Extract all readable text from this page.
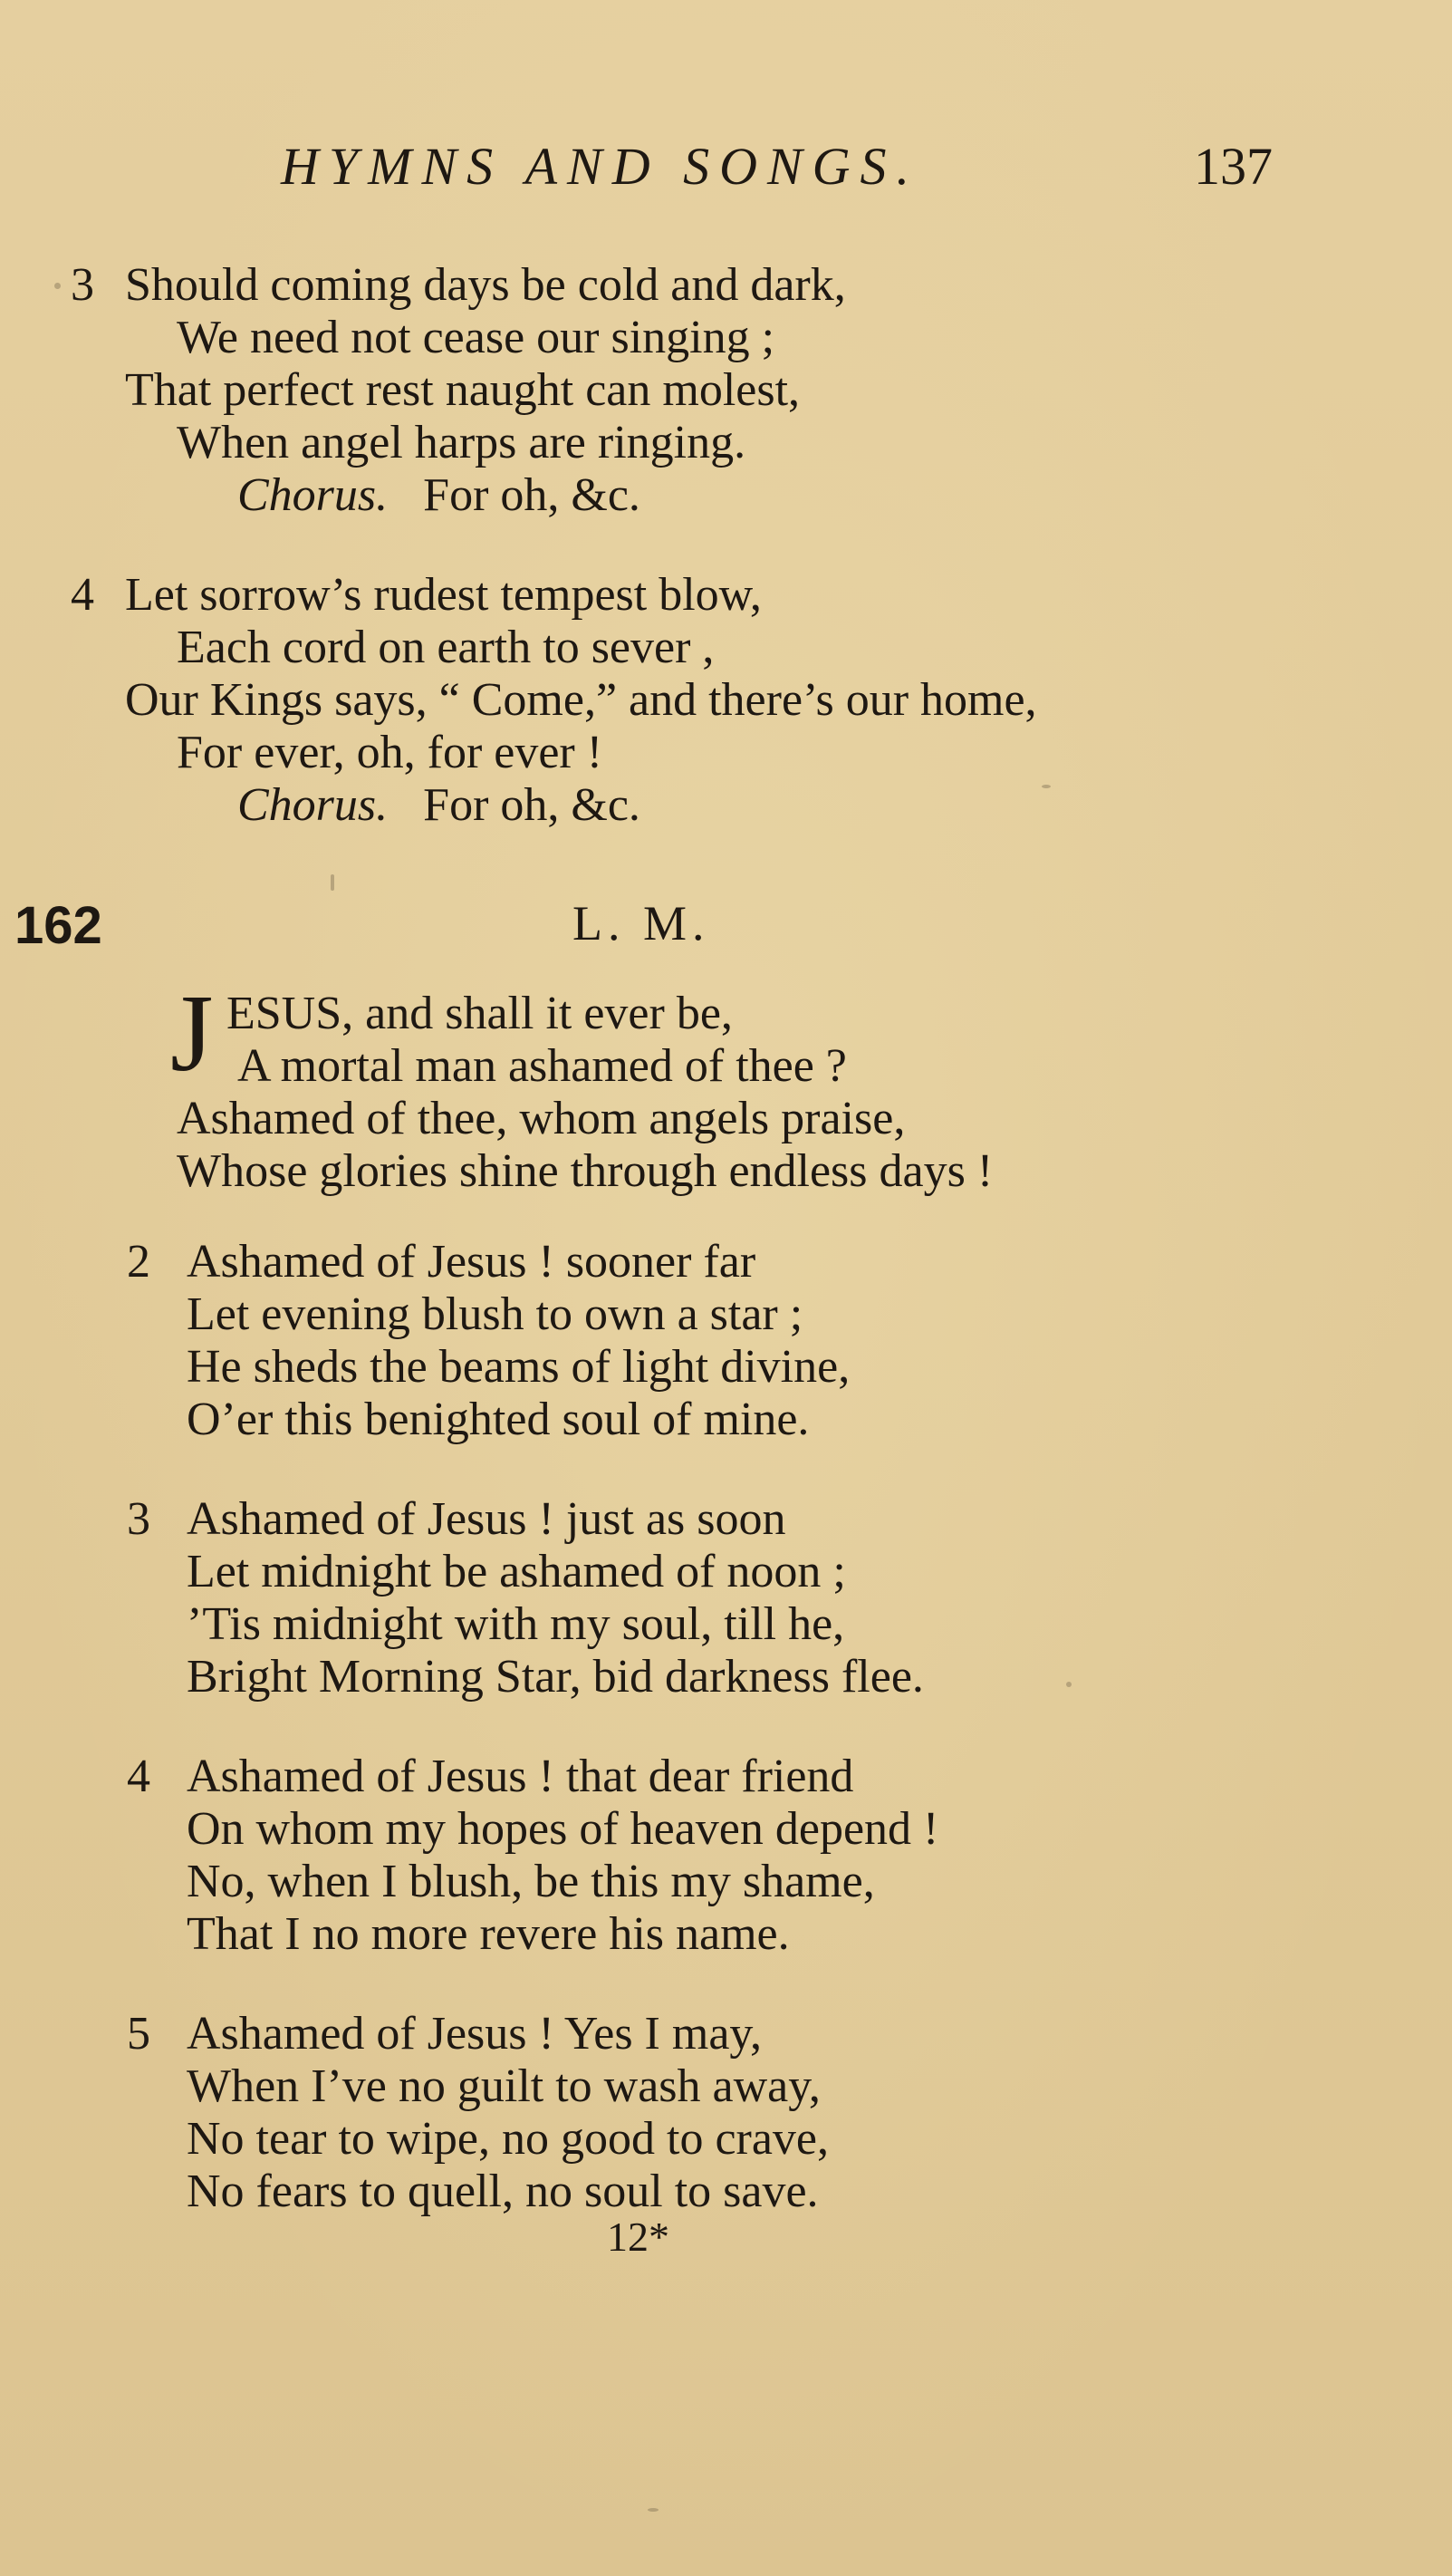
HYMNS AND SONGS.	137
3 Should coming days be cold and dark,
We need not cease our singing ;
That perfect rest naught can molest,
When angel harps are ringing.
Chorus. For oh, &c.
4 Let sorrow’s rudest tempest blow,
Each cord on earth to sever ,
Our Kings says, “ Come,” and there’s our home,
For ever, oh, for ever !
Chorus. For oh, &c.
162	L. M.
J ESUS, and shall it ever be,
A mortal man ashamed of thee ?
Ashamed of thee, whom angels praise,
Whose glories shine through endless days !
2 Ashamed of Jesus ! sooner far
Let evening blush to own a star ;
He sheds the beams of light divine,
O’er this benighted soul of mine.
3 Ashamed of Jesus ! just as soon
Let midnight be ashamed of noon ;
’Tis midnight with my soul, till he,
Bright Morning Star, bid darkness flee.
4 Ashamed of Jesus ! that dear friend
On whom my hopes of heaven depend !
No, when I blush, be this my shame,
That I no more revere his name.
5 Ashamed of Jesus ! Yes I may,
When I’ve no guilt to wash away,
No tear to wipe, no good to crave,
No fears to quell, no soul to save.
12*
